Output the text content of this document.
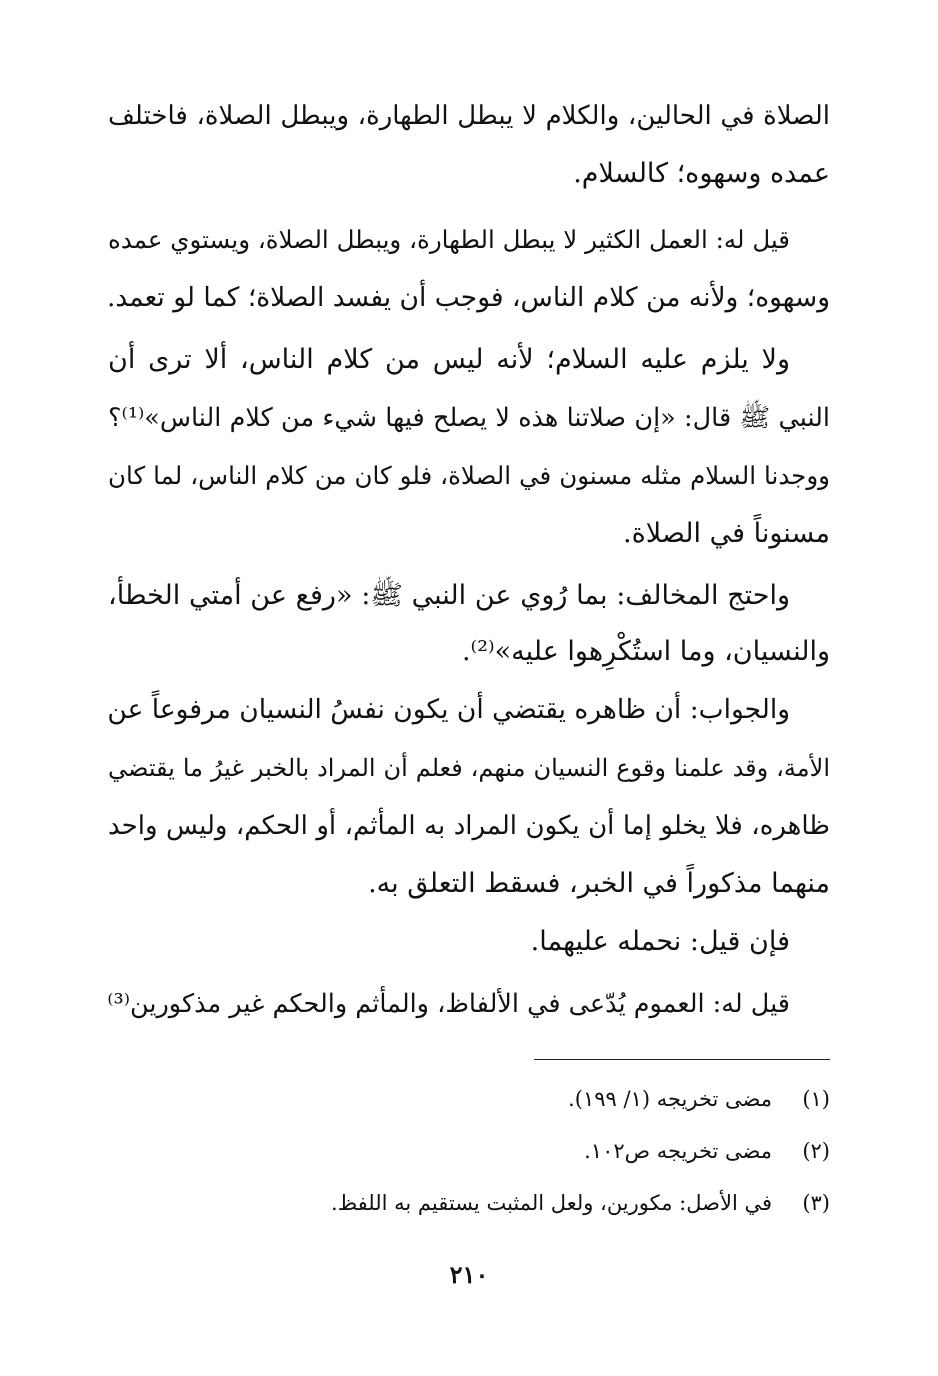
الصلاة في الحالين، والكلام لا يبطل الطهارة، ويبطل الصلاة، فاختلف
عمده وسهوه؛ كالسلام.
قيل له: العمل الكثير لا يبطل الطهارة، ويبطل الصلاة، ويستوي عمده
وسهوه؛ ولأنه من كلام الناس، فوجب أن يفسد الصلاة؛ كما لو تعمد.
ولا يلزم عليه السلام؛ لأنه ليس من كلام الناس، ألا ترى أن
النبي ﷺ قال: «إن صلاتنا هذه لا يصلح فيها شيء من كلام الناس»⁽¹⁾؟
ووجدنا السلام مثله مسنون في الصلاة، فلو كان من كلام الناس، لما كان
مسنوناً في الصلاة.
واحتج المخالف: بما رُوي عن النبي ﷺ: «رفع عن أمتي الخطأ،
والنسيان، وما استُكْرِهوا عليه»⁽²⁾.
والجواب: أن ظاهره يقتضي أن يكون نفسُ النسيان مرفوعاً عن
الأمة، وقد علمنا وقوع النسيان منهم، فعلم أن المراد بالخبر غيرُ ما يقتضي
ظاهره، فلا يخلو إما أن يكون المراد به المأثم، أو الحكم، وليس واحد
منهما مذكوراً في الخبر، فسقط التعلق به.
فإن قيل: نحمله عليهما.
قيل له: العموم يُدّعى في الألفاظ، والمأثم والحكم غير مذكورين⁽³⁾
(١)مضى تخريجه (١/ ١٩٩).
(٢)مضى تخريجه ص١٠٢.
(٣)في الأصل: مكورين، ولعل المثبت يستقيم به اللفظ.
٢١٠
